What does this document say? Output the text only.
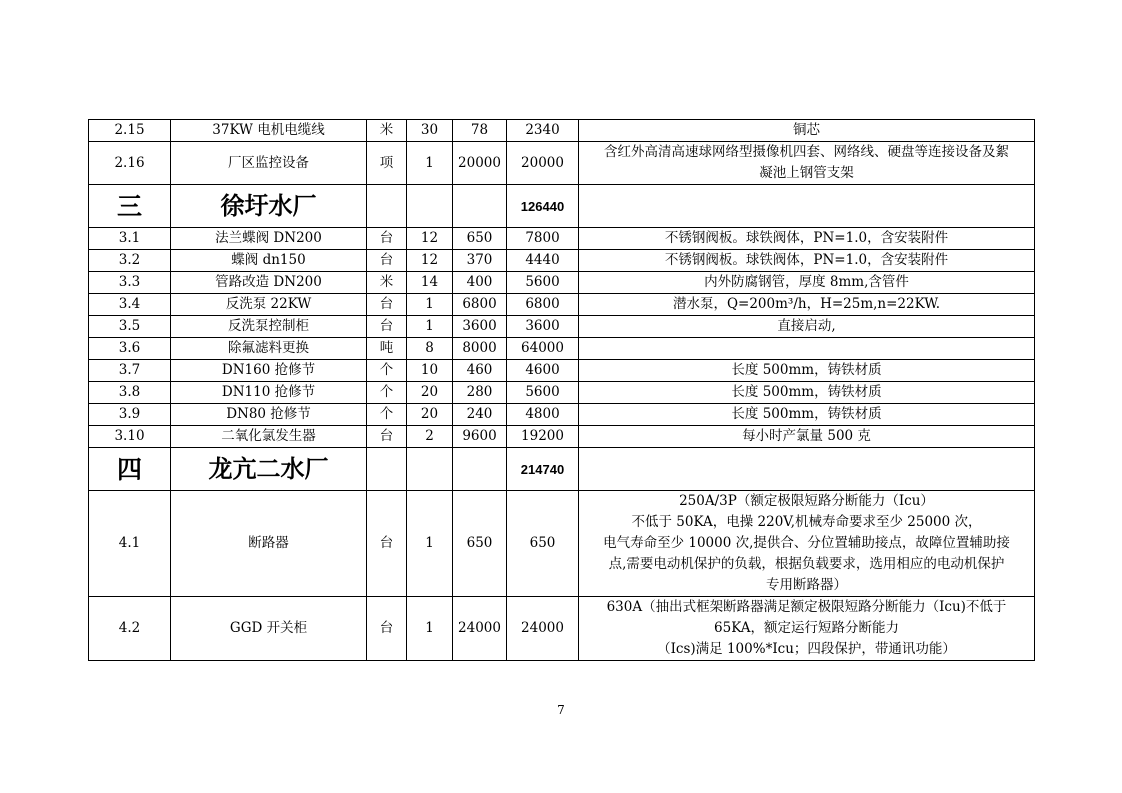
2.15	37KW 电机电缆线	米	30	78	2340	铜芯

2.16	厂区监控设备	项	1	20000	20000	含红外高清高速球网络型摄像机四套、网络线、硬盘等连接设备及絮
凝池上钢管支架

三	徐圩水厂				126440	
3.1	法兰蝶阀 DN200	台	12	650	7800	不锈钢阀板。球铁阀体，PN=1.0，含安装附件

3.2	蝶阀 dn150	台	12	370	4440	不锈钢阀板。球铁阀体，PN=1.0，含安装附件

3.3	管路改造 DN200	米	14	400	5600	内外防腐钢管，厚度 8mm,含管件

3.4	反洗泵 22KW	台	1	6800	6800	潜水泵，Q=200m³/h，H=25m,n=22KW.

3.5	反洗泵控制柜	台	1	3600	3600	直接启动,

3.6	除氟滤料更换	吨	8	8000	64000	

3.7	DN160 抢修节	个	10	460	4600	长度 500mm，铸铁材质

3.8	DN110 抢修节	个	20	280	5600	长度 500mm，铸铁材质

3.9	DN80 抢修节	个	20	240	4800	长度 500mm，铸铁材质

3.10	二氧化氯发生器	台	2	9600	19200	每小时产氯量 500 克

四	龙亢二水厂				214740	
4.1	断路器	台	1	650	650	250A/3P（额定极限短路分断能力（Icu）
不低于 50KA，电操 220V,机械寿命要求至少 25000 次，
电气寿命至少 10000 次,提供合、分位置辅助接点，故障位置辅助接
点,需要电动机保护的负载，根据负载要求，选用相应的电动机保护
专用断路器）

4.2	GGD 开关柜	台	1	24000	24000	630A（抽出式框架断路器满足额定极限短路分断能力（Icu)不低于
65KA，额定运行短路分断能力
（Ics)满足 100%*Icu；四段保护，带通讯功能）
7
